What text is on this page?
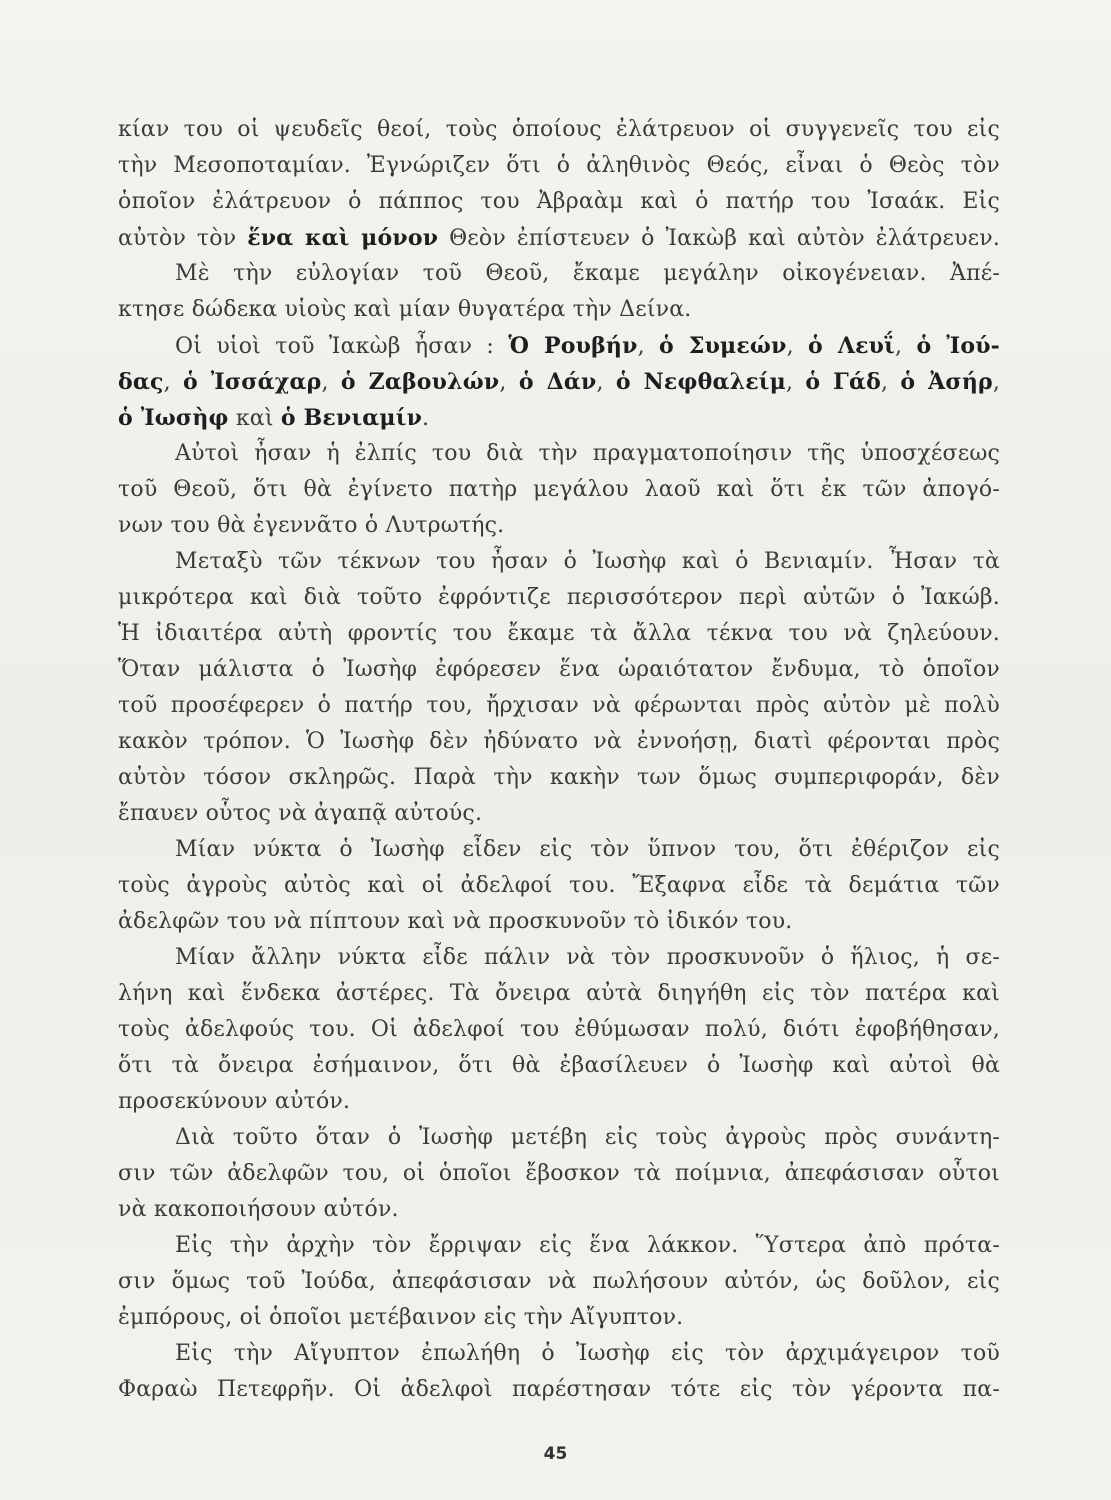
κίαν του οἱ ψευδεῖς θεοί, τοὺς ὁποίους ἐλάτρευον οἱ συγγενεῖς του εἰς
τὴν Μεσοποταμίαν. Ἐγνώριζεν ὅτι ὁ ἀληθινὸς Θεός, εἶναι ὁ Θεὸς τὸν
ὁποῖον ἐλάτρευον ὁ πάππος του Ἀβραὰμ καὶ ὁ πατήρ του Ἰσαάκ. Εἰς
αὐτὸν τὸν ἕνα καὶ μόνον Θεὸν ἐπίστευεν ὁ Ἰακὼβ καὶ αὐτὸν ἐλάτρευεν.
Μὲ τὴν εὐλογίαν τοῦ Θεοῦ, ἔκαμε μεγάλην οἰκογένειαν. Ἀπέ-
κτησε δώδεκα υἱοὺς καὶ μίαν θυγατέρα τὴν Δείνα.
Οἱ υἱοὶ τοῦ Ἰακὼβ ἦσαν : Ὁ Ρουβήν, ὁ Συμεών, ὁ Λευΐ, ὁ Ἰού-
δας, ὁ Ἰσσάχαρ, ὁ Ζαβουλών, ὁ Δάν, ὁ Νεφθαλείμ, ὁ Γάδ, ὁ Ἀσήρ,
ὁ Ἰωσὴφ καὶ ὁ Βενιαμίν.
Αὐτοὶ ἦσαν ἡ ἐλπίς του διὰ τὴν πραγματοποίησιν τῆς ὑποσχέσεως
τοῦ Θεοῦ, ὅτι θὰ ἐγίνετο πατὴρ μεγάλου λαοῦ καὶ ὅτι ἐκ τῶν ἀπογό-
νων του θὰ ἐγεννᾶτο ὁ Λυτρωτής.
Μεταξὺ τῶν τέκνων του ἦσαν ὁ Ἰωσὴφ καὶ ὁ Βενιαμίν. Ἦσαν τὰ
μικρότερα καὶ διὰ τοῦτο ἐφρόντιζε περισσότερον περὶ αὐτῶν ὁ Ἰακώβ.
Ἡ ἰδιαιτέρα αὐτὴ φροντίς του ἔκαμε τὰ ἄλλα τέκνα του νὰ ζηλεύουν.
Ὅταν μάλιστα ὁ Ἰωσὴφ ἐφόρεσεν ἕνα ὡραιότατον ἔνδυμα, τὸ ὁποῖον
τοῦ προσέφερεν ὁ πατήρ του, ἤρχισαν νὰ φέρωνται πρὸς αὐτὸν μὲ πολὺ
κακὸν τρόπον. Ὁ Ἰωσὴφ δὲν ἠδύνατο νὰ ἐννοήσῃ, διατὶ φέρονται πρὸς
αὐτὸν τόσον σκληρῶς. Παρὰ τὴν κακὴν των ὅμως συμπεριφοράν, δὲν
ἔπαυεν οὗτος νὰ ἀγαπᾷ αὐτούς.
Μίαν νύκτα ὁ Ἰωσὴφ εἶδεν εἰς τὸν ὕπνον του, ὅτι ἐθέριζον εἰς
τοὺς ἀγροὺς αὐτὸς καὶ οἱ ἀδελφοί του. Ἔξαφνα εἶδε τὰ δεμάτια τῶν
ἀδελφῶν του νὰ πίπτουν καὶ νὰ προσκυνοῦν τὸ ἰδικόν του.
Μίαν ἄλλην νύκτα εἶδε πάλιν νὰ τὸν προσκυνοῦν ὁ ἥλιος, ἡ σε-
λήνη καὶ ἕνδεκα ἀστέρες. Τὰ ὄνειρα αὐτὰ διηγήθη εἰς τὸν πατέρα καὶ
τοὺς ἀδελφούς του. Οἱ ἀδελφοί του ἐθύμωσαν πολύ, διότι ἐφοβήθησαν,
ὅτι τὰ ὄνειρα ἐσήμαινον, ὅτι θὰ ἐβασίλευεν ὁ Ἰωσὴφ καὶ αὐτοὶ θὰ
προσεκύνουν αὐτόν.
Διὰ τοῦτο ὅταν ὁ Ἰωσὴφ μετέβη εἰς τοὺς ἀγροὺς πρὸς συνάντη-
σιν τῶν ἀδελφῶν του, οἱ ὁποῖοι ἔβοσκον τὰ ποίμνια, ἀπεφάσισαν οὗτοι
νὰ κακοποιήσουν αὐτόν.
Εἰς τὴν ἀρχὴν τὸν ἔρριψαν εἰς ἕνα λάκκον. Ὕστερα ἀπὸ πρότα-
σιν ὅμως τοῦ Ἰούδα, ἀπεφάσισαν νὰ πωλήσουν αὐτόν, ὡς δοῦλον, εἰς
ἐμπόρους, οἱ ὁποῖοι μετέβαινον εἰς τὴν Αἴγυπτον.
Εἰς τὴν Αἴγυπτον ἐπωλήθη ὁ Ἰωσὴφ εἰς τὸν ἀρχιμάγειρον τοῦ
Φαραὼ Πετεφρῆν. Οἱ ἀδελφοὶ παρέστησαν τότε εἰς τὸν γέροντα πα-
45
